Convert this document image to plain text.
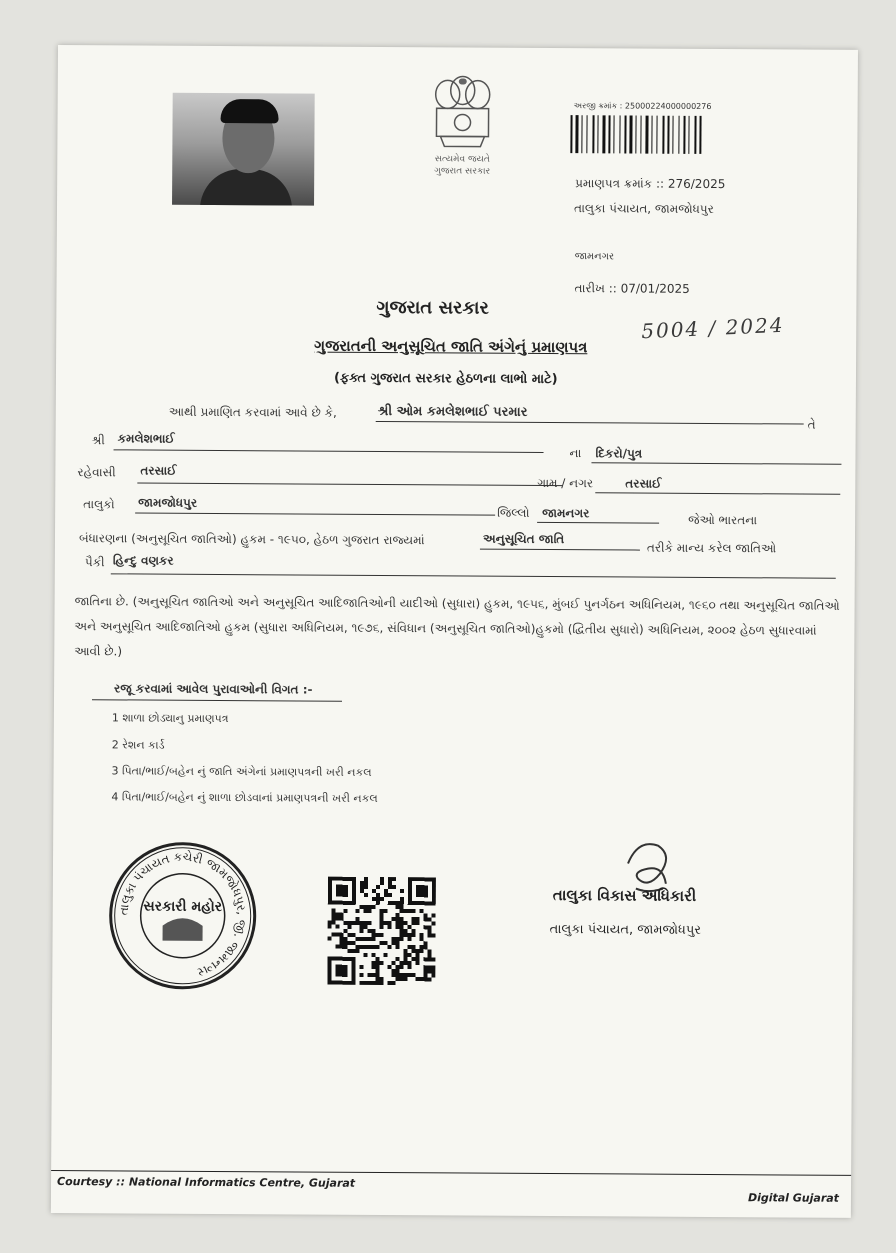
સત્યમેવ જયતે
ગુજરાત સરકાર
અરજી ક્રમાંક : 25000224000000276
પ્રમાણપત્ર ક્રમાંક :: 276/2025
તાલુકા પંચાયત, જામજોધપુર
જામનગર
તારીખ :: 07/01/2025
5004 / 2024
ગુજરાત સરકાર
ગુજરાતની અનુસૂચિત જાતિ અંગેનું પ્રમાણપત્ર
(ફક્ત ગુજરાત સરકાર હેઠળના લાભો માટે)
આથી પ્રમાણિત કરવામાં આવે છે કે,	શ્રી ઓમ કમલેશભાઈ પરમાર
તે
શ્રી કમલેશભાઈ
ના દિકરો/પુત્ર
રહેવાસી તરસાઈ
ગામ / નગર	તરસાઈ
તાલુકો જામજોધપુર
જિલ્લો જામનગર	જેઓ ભારતના
બંધારણના (અનુસૂચિત જાતિઓ) હુકમ - ૧૯૫૦, હેઠળ ગુજરાત રાજ્યમાં	અનુસૂચિત જાતિ
તરીકે માન્ય કરેલ જાતિઓ
પૈકી હિન્દુ વણકર
જાતિના છે. (અનુસૂચિત જાતિઓ અને અનુસૂચિત આદિજાતિઓની યાદીઓ (સુધારા) હુકમ, ૧૯૫૬, મુંબઈ પુનર્ગઠન અધિનિયમ, ૧૯૬૦ તથા અનુસૂચિત જાતિઓ અને અનુસૂચિત આદિજાતિઓ હુકમ (સુધારા અધિનિયમ, ૧૯૭૬, સંવિધાન (અનુસૂચિત જાતિઓ)હુકમો (દ્વિતીય સુધારો) અધિનિયમ, ૨૦૦૨ હેઠળ સુધારવામાં આવી છે.)
રજૂ કરવામાં આવેલ પુરાવાઓની વિગત :-
1 શાળા છોડ્યાનુ પ્રમાણપત્ર
2 રેશન કાર્ડ
3 પિતા/ભાઈ/બહેન નું જાતિ અંગેનાં પ્રમાણપત્રની ખરી નકલ
4 પિતા/ભાઈ/બહેન નું શાળા છોડવાનાં પ્રમાણપત્રની ખરી નકલ
તાલુકા પંચાયત કચેરી જામજોધપુર, જી. જામનગર
સરકારી મહોર
તાલુકા વિકાસ અધિકારી
તાલુકા પંચાયત, જામજોધપુર
Courtesy :: National Informatics Centre, Gujarat
Digital Gujarat
